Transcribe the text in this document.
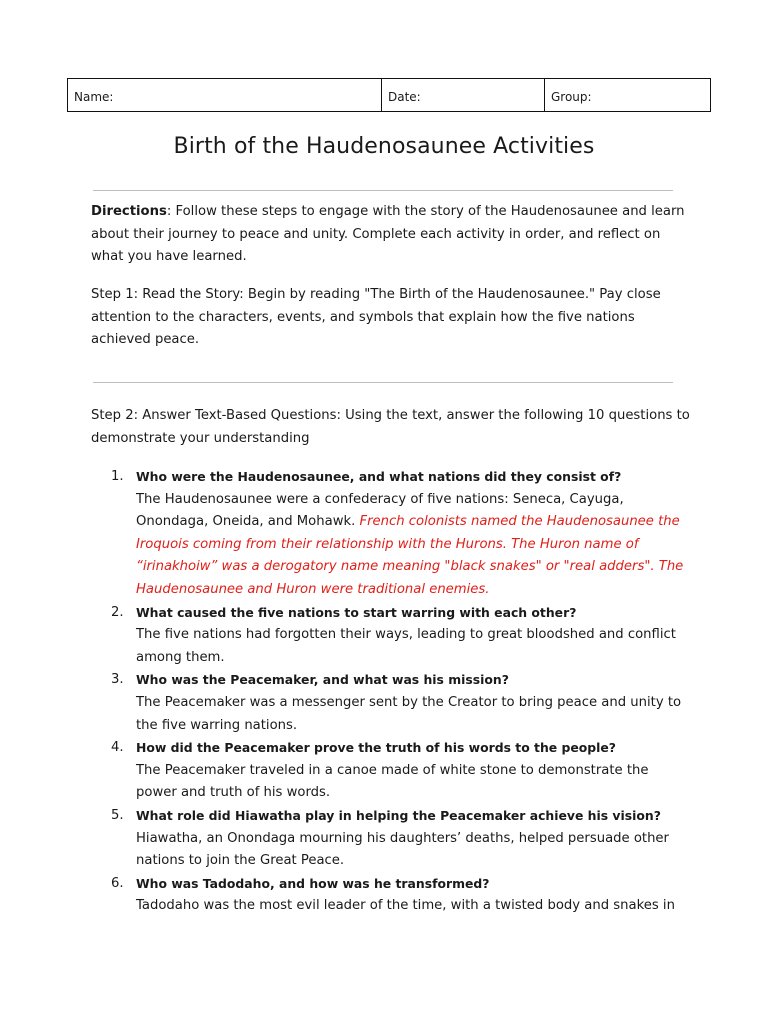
Name:	Date:	Group:
Birth of the Haudenosaunee Activities

Directions: Follow these steps to engage with the story of the Haudenosaunee and learn about their journey to peace and unity. Complete each activity in order, and reflect on what you have learned.

Step 1: Read the Story: Begin by reading "The Birth of the Haudenosaunee." Pay close attention to the characters, events, and symbols that explain how the five nations achieved peace.

Step 2: Answer Text-Based Questions: Using the text, answer the following 10 questions to demonstrate your understanding

1. Who were the Haudenosaunee, and what nations did they consist of?
The Haudenosaunee were a confederacy of five nations: Seneca, Cayuga, Onondaga, Oneida, and Mohawk. French colonists named the Haudenosaunee the Iroquois coming from their relationship with the Hurons. The Huron name of “irinakhoiw” was a derogatory name meaning "black snakes" or "real adders". The Haudenosaunee and Huron were traditional enemies.
2. What caused the five nations to start warring with each other?
The five nations had forgotten their ways, leading to great bloodshed and conflict among them.
3. Who was the Peacemaker, and what was his mission?
The Peacemaker was a messenger sent by the Creator to bring peace and unity to the five warring nations.
4. How did the Peacemaker prove the truth of his words to the people?
The Peacemaker traveled in a canoe made of white stone to demonstrate the power and truth of his words.
5. What role did Hiawatha play in helping the Peacemaker achieve his vision?
Hiawatha, an Onondaga mourning his daughters’ deaths, helped persuade other nations to join the Great Peace.
6. Who was Tadodaho, and how was he transformed?
Tadodaho was the most evil leader of the time, with a twisted body and snakes in
